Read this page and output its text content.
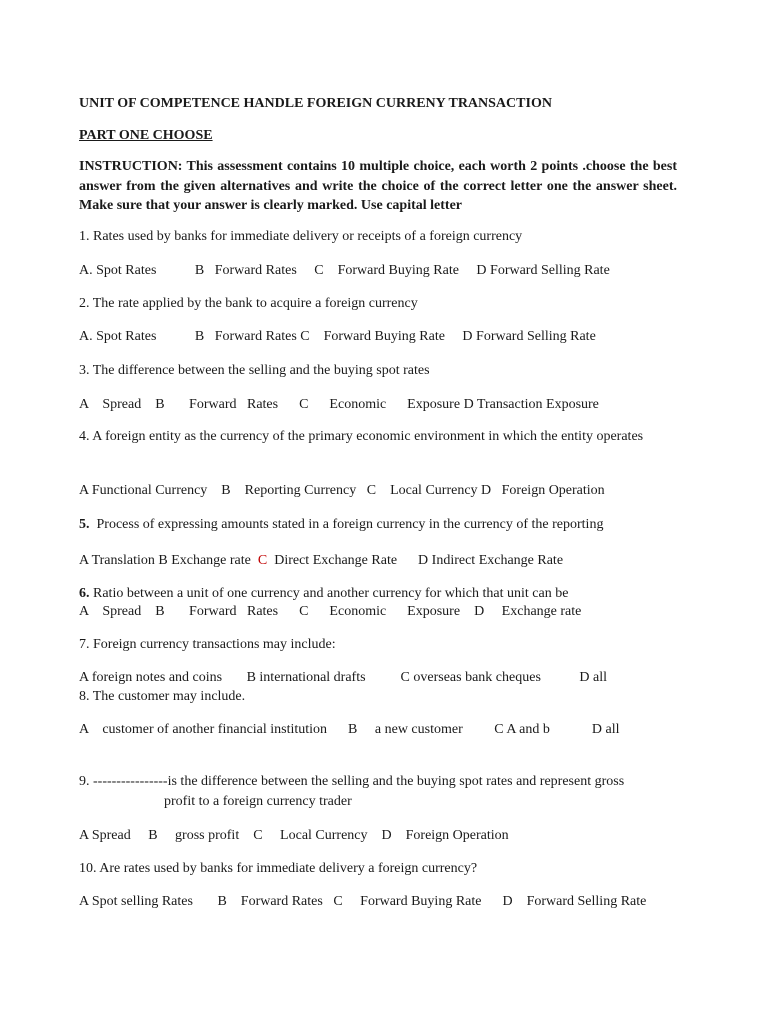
UNIT OF COMPETENCE HANDLE FOREIGN CURRENY TRANSACTION
PART ONE CHOOSE
INSTRUCTION: This assessment contains 10 multiple choice, each worth 2 points .choose the best answer from the given alternatives and write the choice of the correct letter one the answer sheet. Make sure that your answer is clearly marked. Use capital letter
1. Rates used by banks for immediate delivery or receipts of a foreign currency
A. Spot Rates           B   Forward Rates     C    Forward Buying Rate     D Forward Selling Rate
2. The rate applied by the bank to acquire a foreign currency
A. Spot Rates           B   Forward Rates C    Forward Buying Rate     D Forward Selling Rate
3. The difference between the selling and the buying spot rates
A    Spread    B       Forward   Rates      C      Economic      Exposure D Transaction Exposure
4. A foreign entity as the currency of the primary economic environment in which the entity operates
A Functional Currency    B    Reporting Currency   C    Local Currency D   Foreign Operation
5.  Process of expressing amounts stated in a foreign currency in the currency of the reporting
A Translation B Exchange rate  C  Direct Exchange Rate      D Indirect Exchange Rate
6. Ratio between a unit of one currency and another currency for which that unit can be
A    Spread    B       Forward   Rates      C      Economic      Exposure    D     Exchange rate
7. Foreign currency transactions may include:
A foreign notes and coins       B international drafts          C overseas bank cheques           D all
8. The customer may include.
A    customer of another financial institution      B     a new customer         C A and b            D all
9. ----------------is the difference between the selling and the buying spot rates and represent gross
profit to a foreign currency trader
A Spread     B     gross profit    C     Local Currency    D    Foreign Operation
10. Are rates used by banks for immediate delivery a foreign currency?
A Spot selling Rates       B    Forward Rates   C     Forward Buying Rate      D    Forward Selling Rate
